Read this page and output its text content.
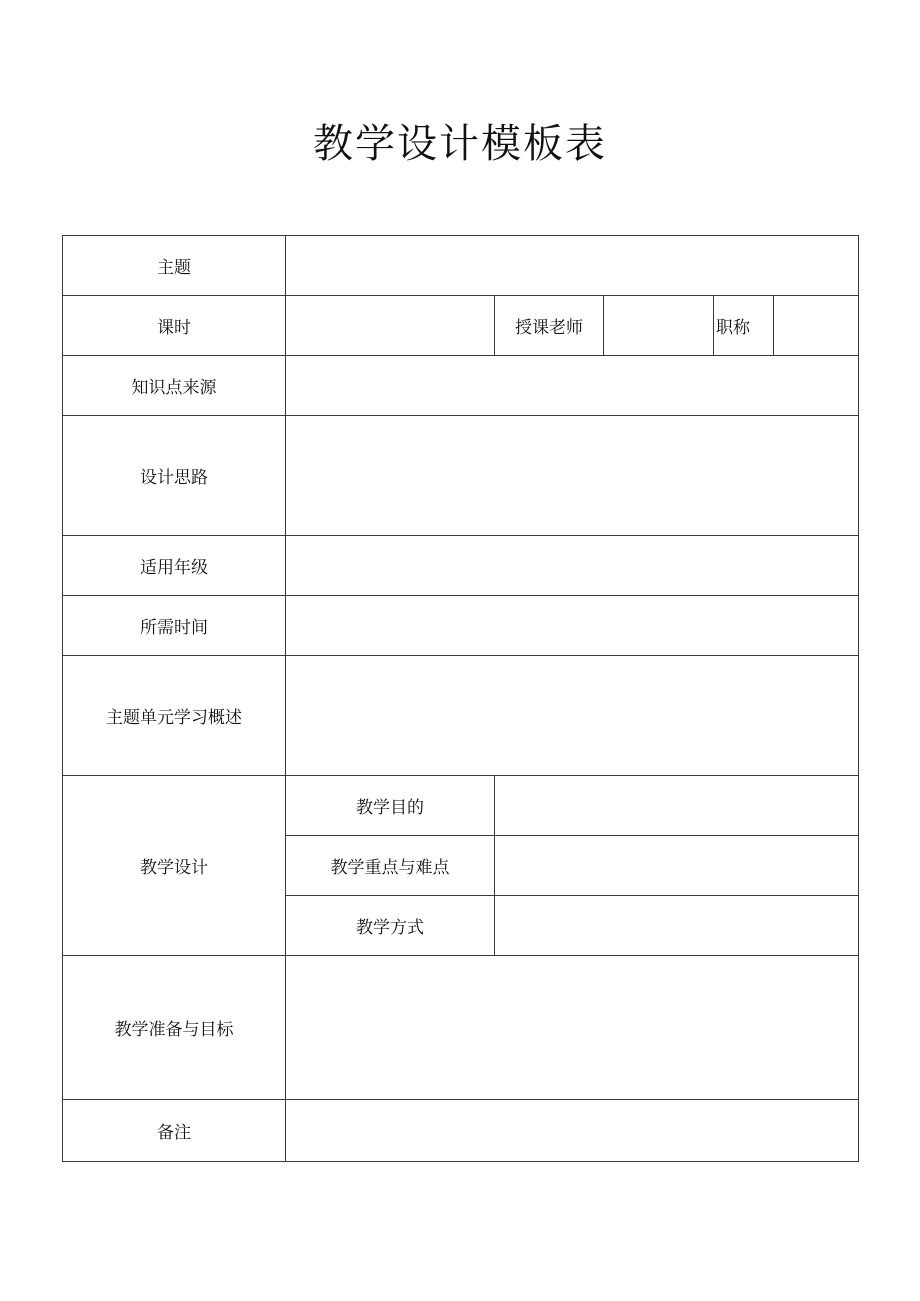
教学设计模板表
主题					
课时		授课老师		职称	
知识点来源					
设计思路					
适用年级					
所需时间					
主题单元学习概述					
教学设计	教学目的				
	教学重点与难点				
	教学方式				
教学准备与目标					
备注					
